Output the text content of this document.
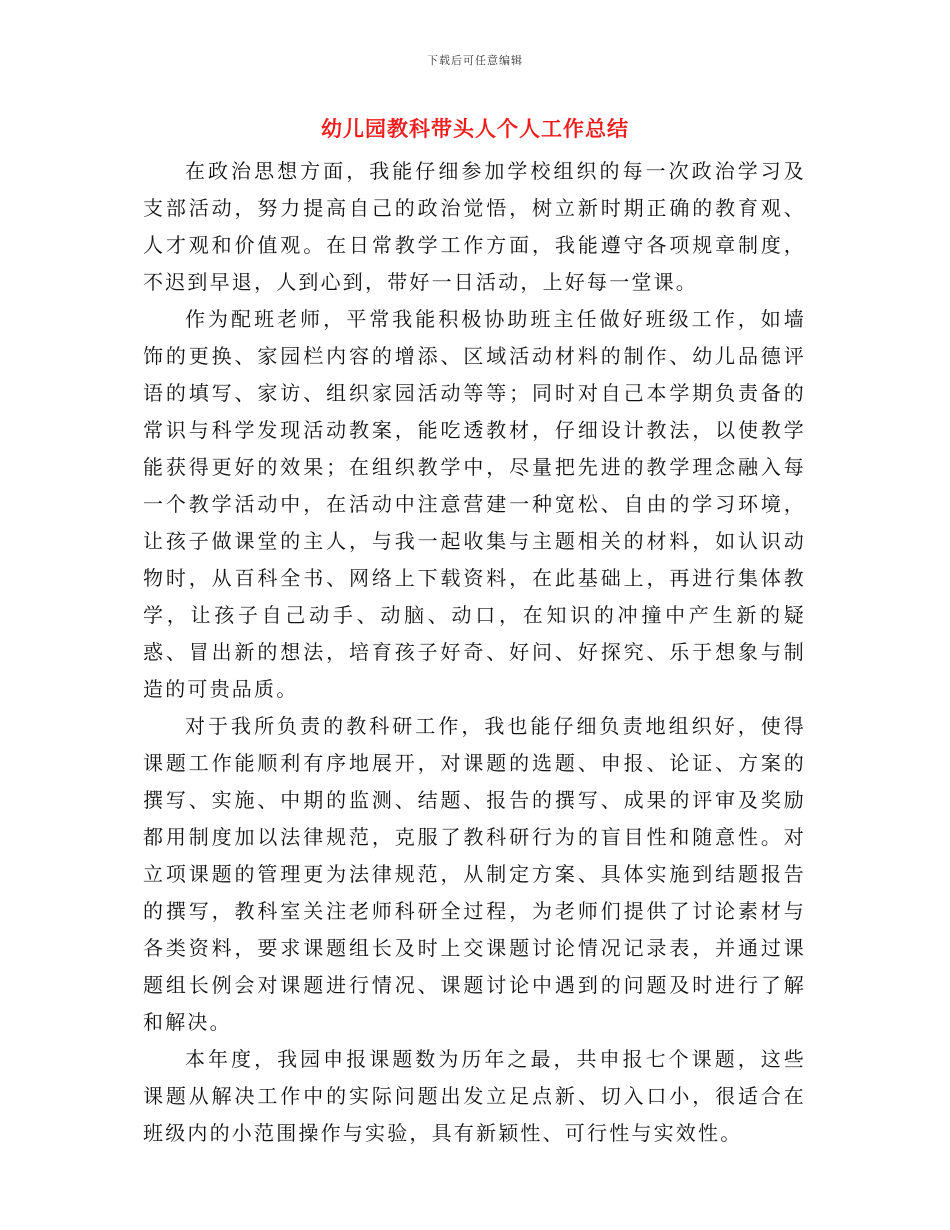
下载后可任意编辑
幼儿园教科带头人个人工作总结

在政治思想方面，我能仔细参加学校组织的每一次政治学习及支部活动，努力提高自己的政治觉悟，树立新时期正确的教育观、人才观和价值观。在日常教学工作方面，我能遵守各项规章制度，不迟到早退，人到心到，带好一日活动，上好每一堂课。

作为配班老师，平常我能积极协助班主任做好班级工作，如墙饰的更换、家园栏内容的增添、区域活动材料的制作、幼儿品德评语的填写、家访、组织家园活动等等；同时对自己本学期负责备的常识与科学发现活动教案，能吃透教材，仔细设计教法，以使教学能获得更好的效果；在组织教学中，尽量把先进的教学理念融入每一个教学活动中，在活动中注意营建一种宽松、自由的学习环境，让孩子做课堂的主人，与我一起收集与主题相关的材料，如认识动物时，从百科全书、网络上下载资料，在此基础上，再进行集体教学，让孩子自己动手、动脑、动口，在知识的冲撞中产生新的疑惑、冒出新的想法，培育孩子好奇、好问、好探究、乐于想象与制造的可贵品质。

对于我所负责的教科研工作，我也能仔细负责地组织好，使得课题工作能顺利有序地展开，对课题的选题、申报、论证、方案的撰写、实施、中期的监测、结题、报告的撰写、成果的评审及奖励都用制度加以法律规范，克服了教科研行为的盲目性和随意性。对立项课题的管理更为法律规范，从制定方案、具体实施到结题报告的撰写，教科室关注老师科研全过程，为老师们提供了讨论素材与各类资料，要求课题组长及时上交课题讨论情况记录表，并通过课题组长例会对课题进行情况、课题讨论中遇到的问题及时进行了解和解决。

本年度，我园申报课题数为历年之最，共申报七个课题，这些课题从解决工作中的实际问题出发立足点新、切入口小，很适合在班级内的小范围操作与实验，具有新颖性、可行性与实效性。
